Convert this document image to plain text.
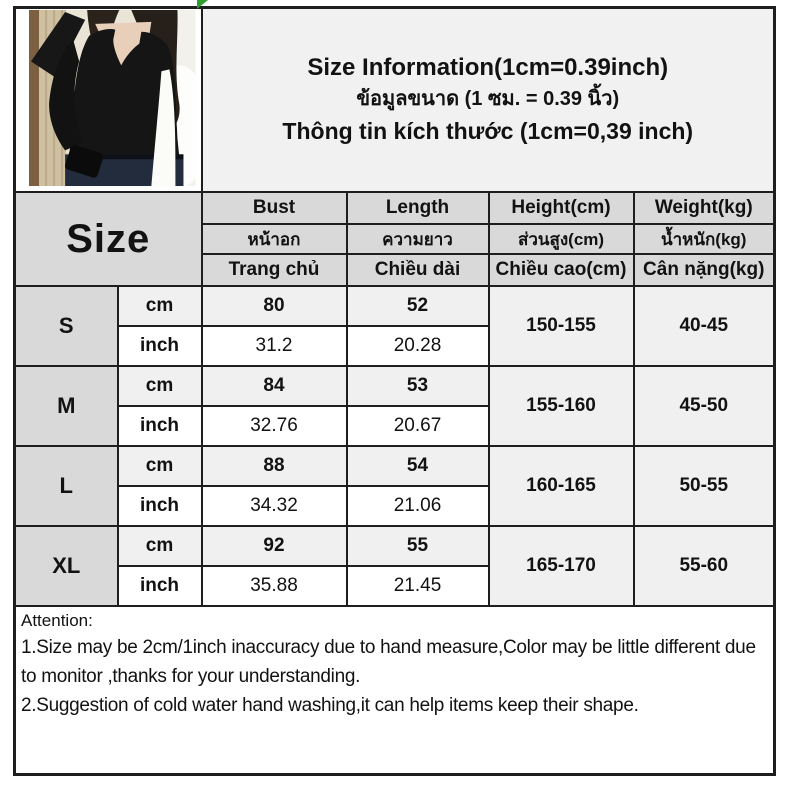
Size Information(1cm=0.39inch)
ข้อมูลขนาด (1 ซม. = 0.39 นิ้ว)
Thông tin kích thước (1cm=0,39 inch)			

Size		Bust	Length	Height(cm)	Weight(kg)
		หน้าอก	ความยาว	ส่วนสูง(cm)	น้ำหนัก(kg)
		Trang chủ	Chiều dài	Chiều cao(cm)	Cân nặng(kg)
S	cm	80	52	150-155	40-45
	inch	31.2	20.28		
M	cm	84	53	155-160	45-50
	inch	32.76	20.67		
L	cm	88	54	160-165	50-55
	inch	34.32	21.06		
XL	cm	92	55	165-170	55-60
	inch	35.88	21.45		

Attention:
1.Size may be 2cm/1inch inaccuracy due to hand measure,Color may be little different due to monitor ,thanks for your understanding.
2.Suggestion of cold water hand washing,it can help items keep their shape.					
